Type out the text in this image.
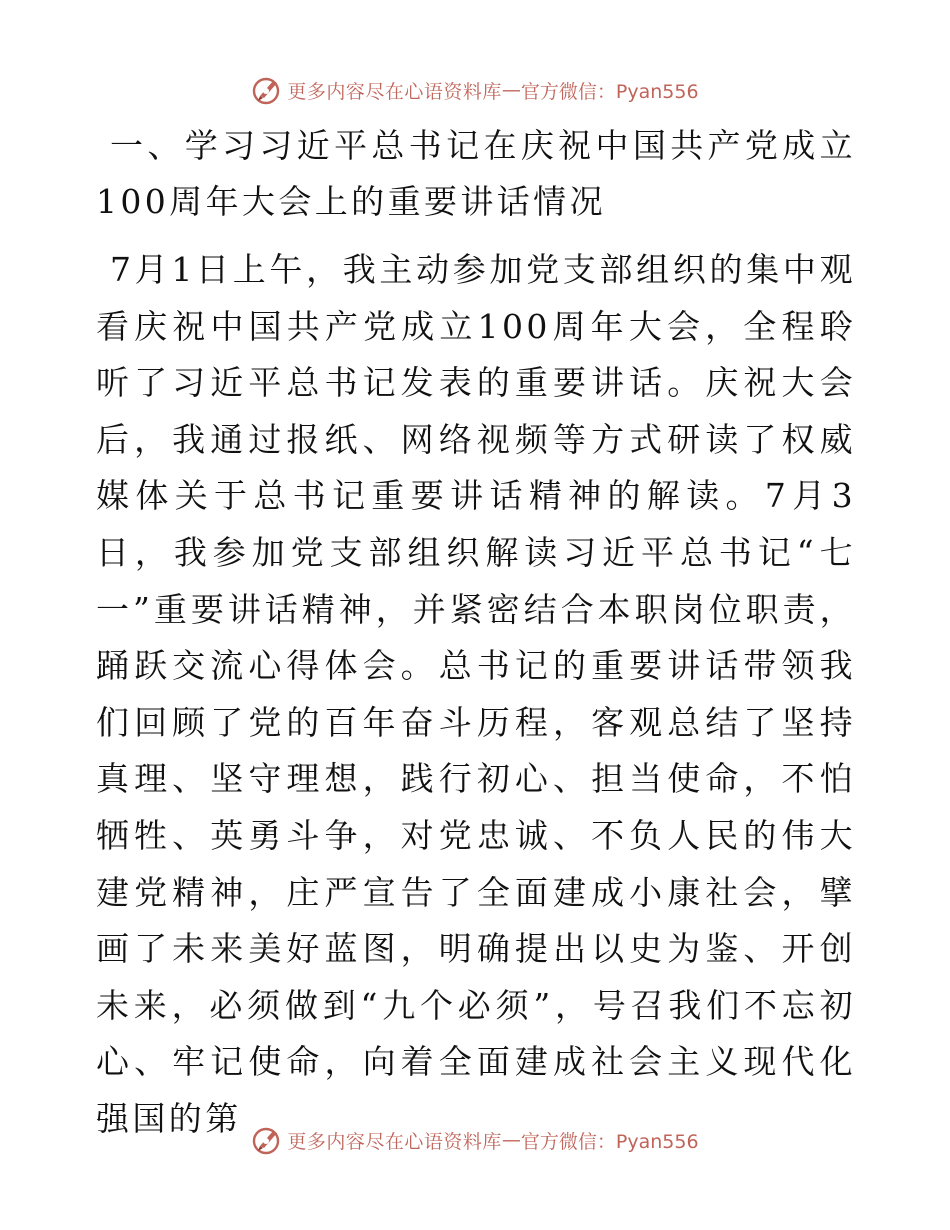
更多内容尽在心语资料库 — 官方微信：Pyan556
一、学习习近平总书记在庆祝中国共产党成立100周年大会上的重要讲话情况

7月1日上午，我主动参加党支部组织的集中观看庆祝中国共产党成立100周年大会，全程聆听了习近平总书记发表的重要讲话。庆祝大会后，我通过报纸、网络视频等方式研读了权威媒体关于总书记重要讲话精神的解读。7月3日，我参加党支部组织解读习近平总书记“七一”重要讲话精神，并紧密结合本职岗位职责，踊跃交流心得体会。总书记的重要讲话带领我们回顾了党的百年奋斗历程，客观总结了坚持真理、坚守理想，践行初心、担当使命，不怕牺牲、英勇斗争，对党忠诚、不负人民的伟大建党精神，庄严宣告了全面建成小康社会，擘画了未来美好蓝图，明确提出以史为鉴、开创未来，必须做到“九个必须”，号召我们不忘初心、牢记使命，向着全面建成社会主义现代化强国的第

更多内容尽在心语资料库 — 官方微信：Pyan556
